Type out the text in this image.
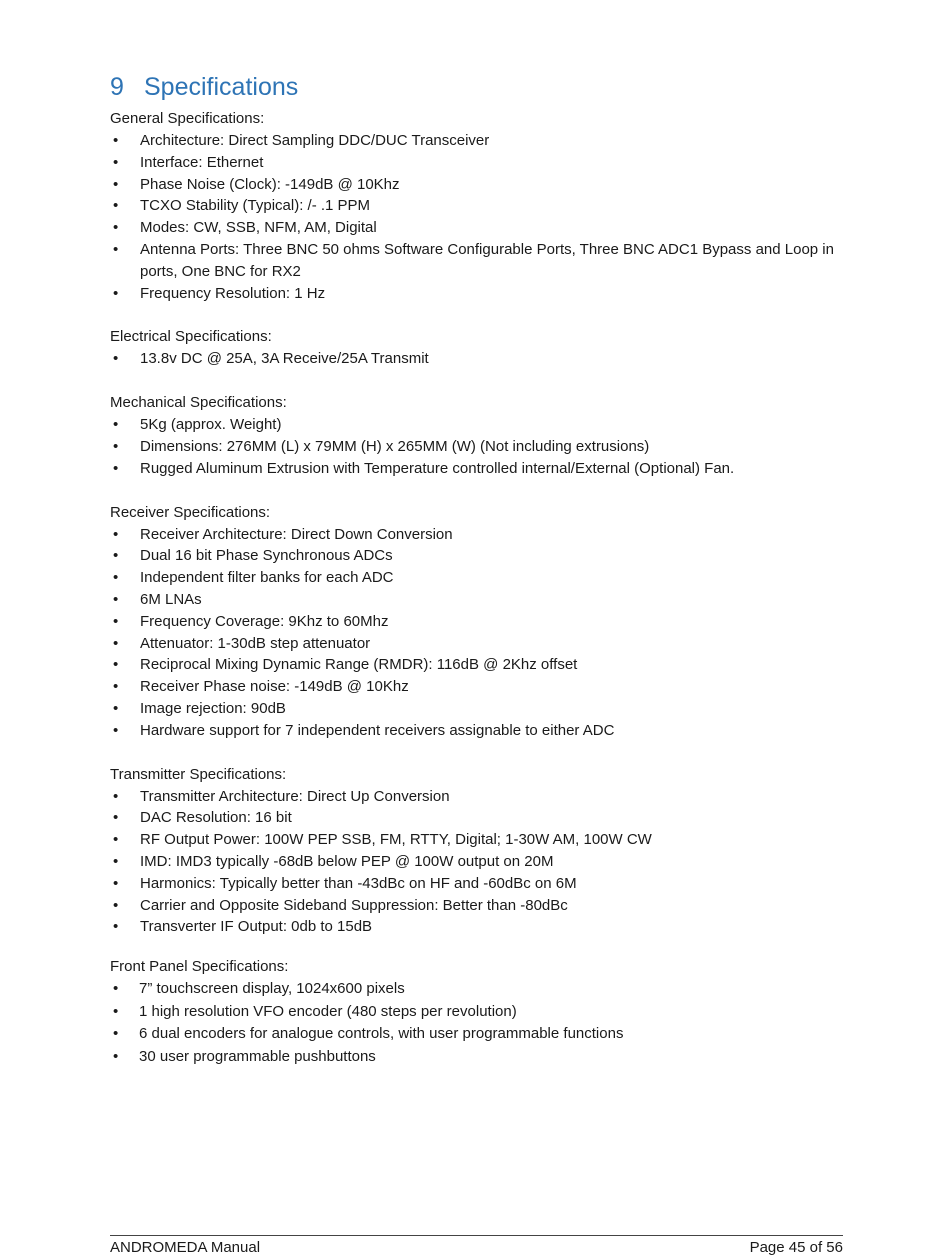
9 Specifications

General Specifications:

• Architecture: Direct Sampling DDC/DUC Transceiver
• Interface: Ethernet
• Phase Noise (Clock): -149dB @ 10Khz
• TCXO Stability (Typical): /- .1 PPM
• Modes: CW, SSB, NFM, AM, Digital
• Antenna Ports: Three BNC 50 ohms Software Configurable Ports, Three BNC ADC1 Bypass and Loop in ports, One BNC for RX2
• Frequency Resolution: 1 Hz

Electrical Specifications:

• 13.8v DC @ 25A, 3A Receive/25A Transmit

Mechanical Specifications:

• 5Kg (approx. Weight)
• Dimensions: 276MM (L) x 79MM (H) x 265MM (W) (Not including extrusions)
• Rugged Aluminum Extrusion with Temperature controlled internal/External (Optional) Fan.

Receiver Specifications:

• Receiver Architecture: Direct Down Conversion
• Dual 16 bit Phase Synchronous ADCs
• Independent filter banks for each ADC
• 6M LNAs
• Frequency Coverage: 9Khz to 60Mhz
• Attenuator: 1-30dB step attenuator
• Reciprocal Mixing Dynamic Range (RMDR): 116dB @ 2Khz offset
• Receiver Phase noise: -149dB @ 10Khz
• Image rejection: 90dB
• Hardware support for 7 independent receivers assignable to either ADC

Transmitter Specifications:

• Transmitter Architecture: Direct Up Conversion
• DAC Resolution: 16 bit
• RF Output Power: 100W PEP SSB, FM, RTTY, Digital; 1-30W AM, 100W CW
• IMD: IMD3 typically -68dB below PEP @ 100W output on 20M
• Harmonics: Typically better than -43dBc on HF and -60dBc on 6M
• Carrier and Opposite Sideband Suppression: Better than -80dBc
• Transverter IF Output: 0db to 15dB

Front Panel Specifications:

• 7” touchscreen display, 1024x600 pixels
• 1 high resolution VFO encoder (480 steps per revolution)
• 6 dual encoders for analogue controls, with user programmable functions
• 30 user programmable pushbuttons
ANDROMEDA Manual	Page 45 of 56
